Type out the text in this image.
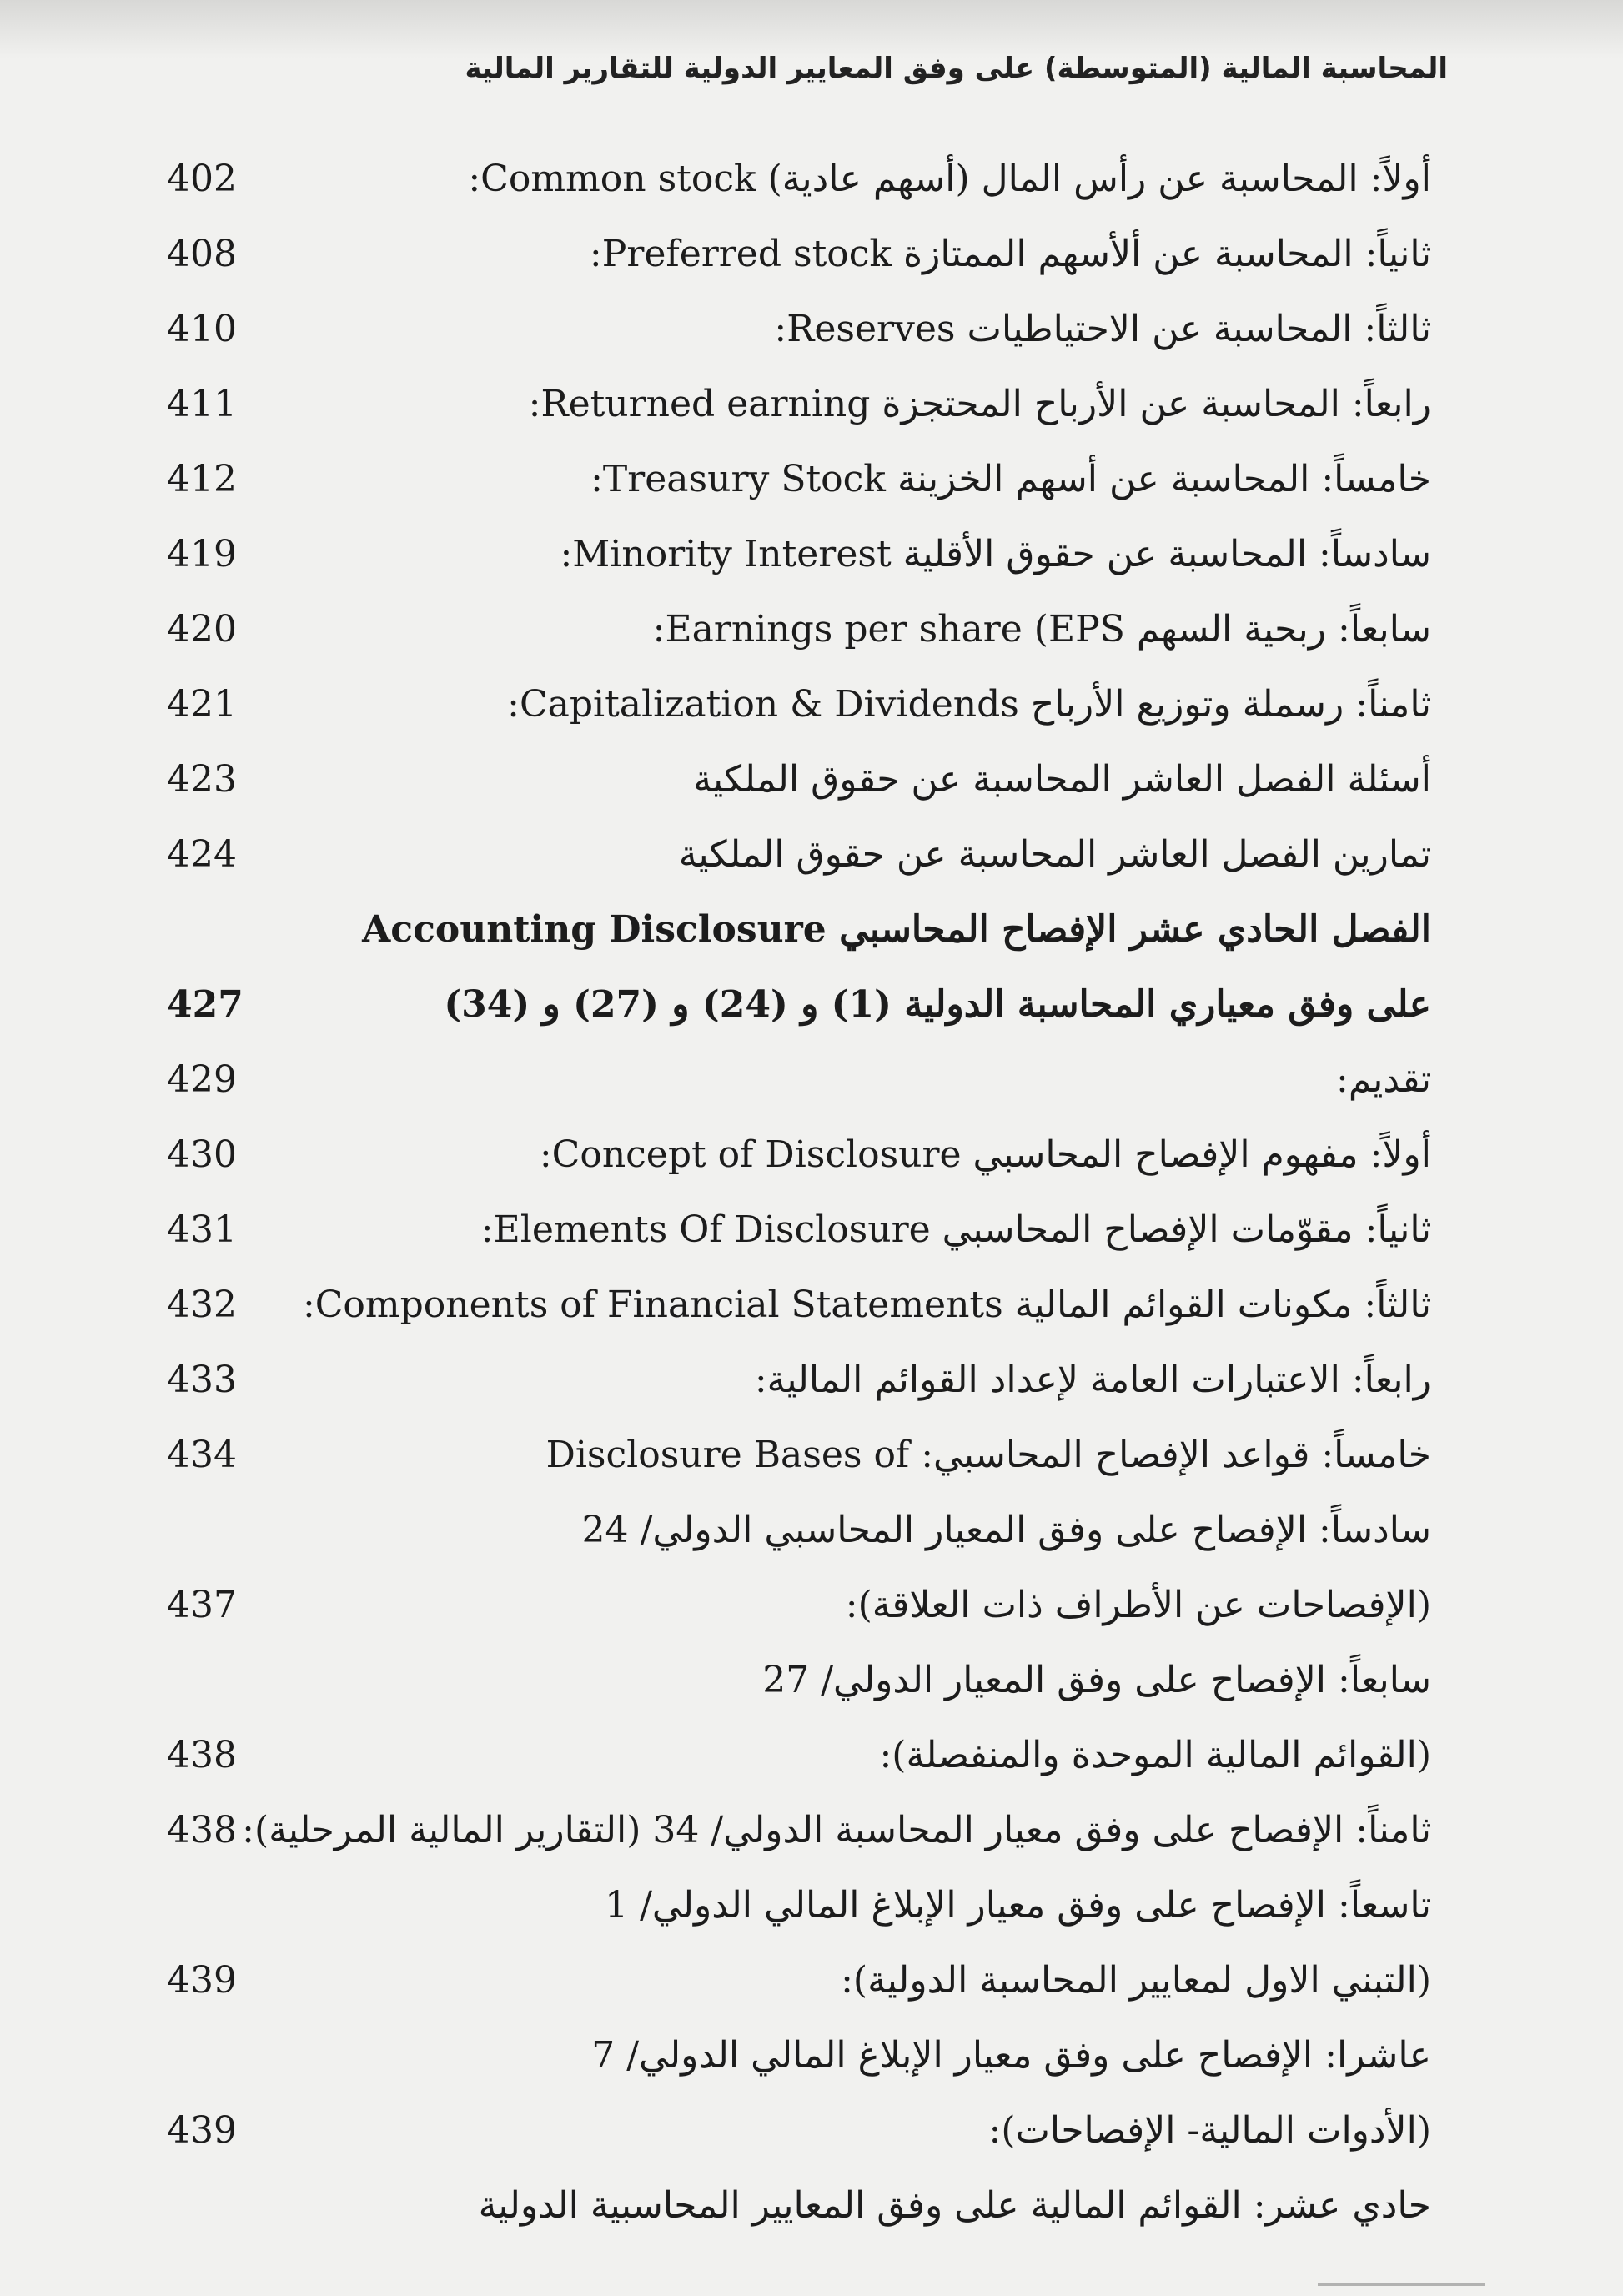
المحاسبة المالية (المتوسطة) على وفق المعايير الدولية للتقارير المالية
أولاً: المحاسبة عن رأس المال (أسهم عادية) Common stock:
402
ثانياً: المحاسبة عن ألأسهم الممتازة Preferred stock:
408
ثالثاً: المحاسبة عن الاحتياطيات Reserves:
410
رابعاً: المحاسبة عن الأرباح المحتجزة Returned earning:
411
خامساً: المحاسبة عن أسهم الخزينة Treasury Stock:
412
سادساً: المحاسبة عن حقوق الأقلية Minority Interest:
419
سابعاً: ربحية السهم Earnings per share (EPS:
420
ثامناً: رسملة وتوزيع الأرباح Capitalization & Dividends:
421
أسئلة الفصل العاشر المحاسبة عن حقوق الملكية
423
تمارين الفصل العاشر المحاسبة عن حقوق الملكية
424
الفصل الحادي عشر الإفصاح المحاسبي Accounting Disclosure
على وفق معياري المحاسبة الدولية (1) و (24) و (27) و (34)
427
تقديم:
429
أولاً: مفهوم الإفصاح المحاسبي Concept of Disclosure:
430
ثانياً: مقوّمات الإفصاح المحاسبي Elements Of Disclosure:
431
ثالثاً: مكونات القوائم المالية Components of Financial Statements:
432
رابعاً: الاعتبارات العامة لإعداد القوائم المالية:
433
خامساً: قواعد الإفصاح المحاسبي: Disclosure Bases of
434
سادساً: الإفصاح على وفق المعيار المحاسبي الدولي/ 24
(الإفصاحات عن الأطراف ذات العلاقة):
437
سابعاً: الإفصاح على وفق المعيار الدولي/ 27
(القوائم المالية الموحدة والمنفصلة):
438
ثامناً: الإفصاح على وفق معيار المحاسبة الدولي/ 34 (التقارير المالية المرحلية):
438
تاسعاً: الإفصاح على وفق معيار الإبلاغ المالي الدولي/ 1
(التبني الاول لمعايير المحاسبة الدولية):
439
عاشرا: الإفصاح على وفق معيار الإبلاغ المالي الدولي/ 7
(الأدوات المالية- الإفصاحات):
439
حادي عشر: القوائم المالية على وفق المعايير المحاسبية الدولية
